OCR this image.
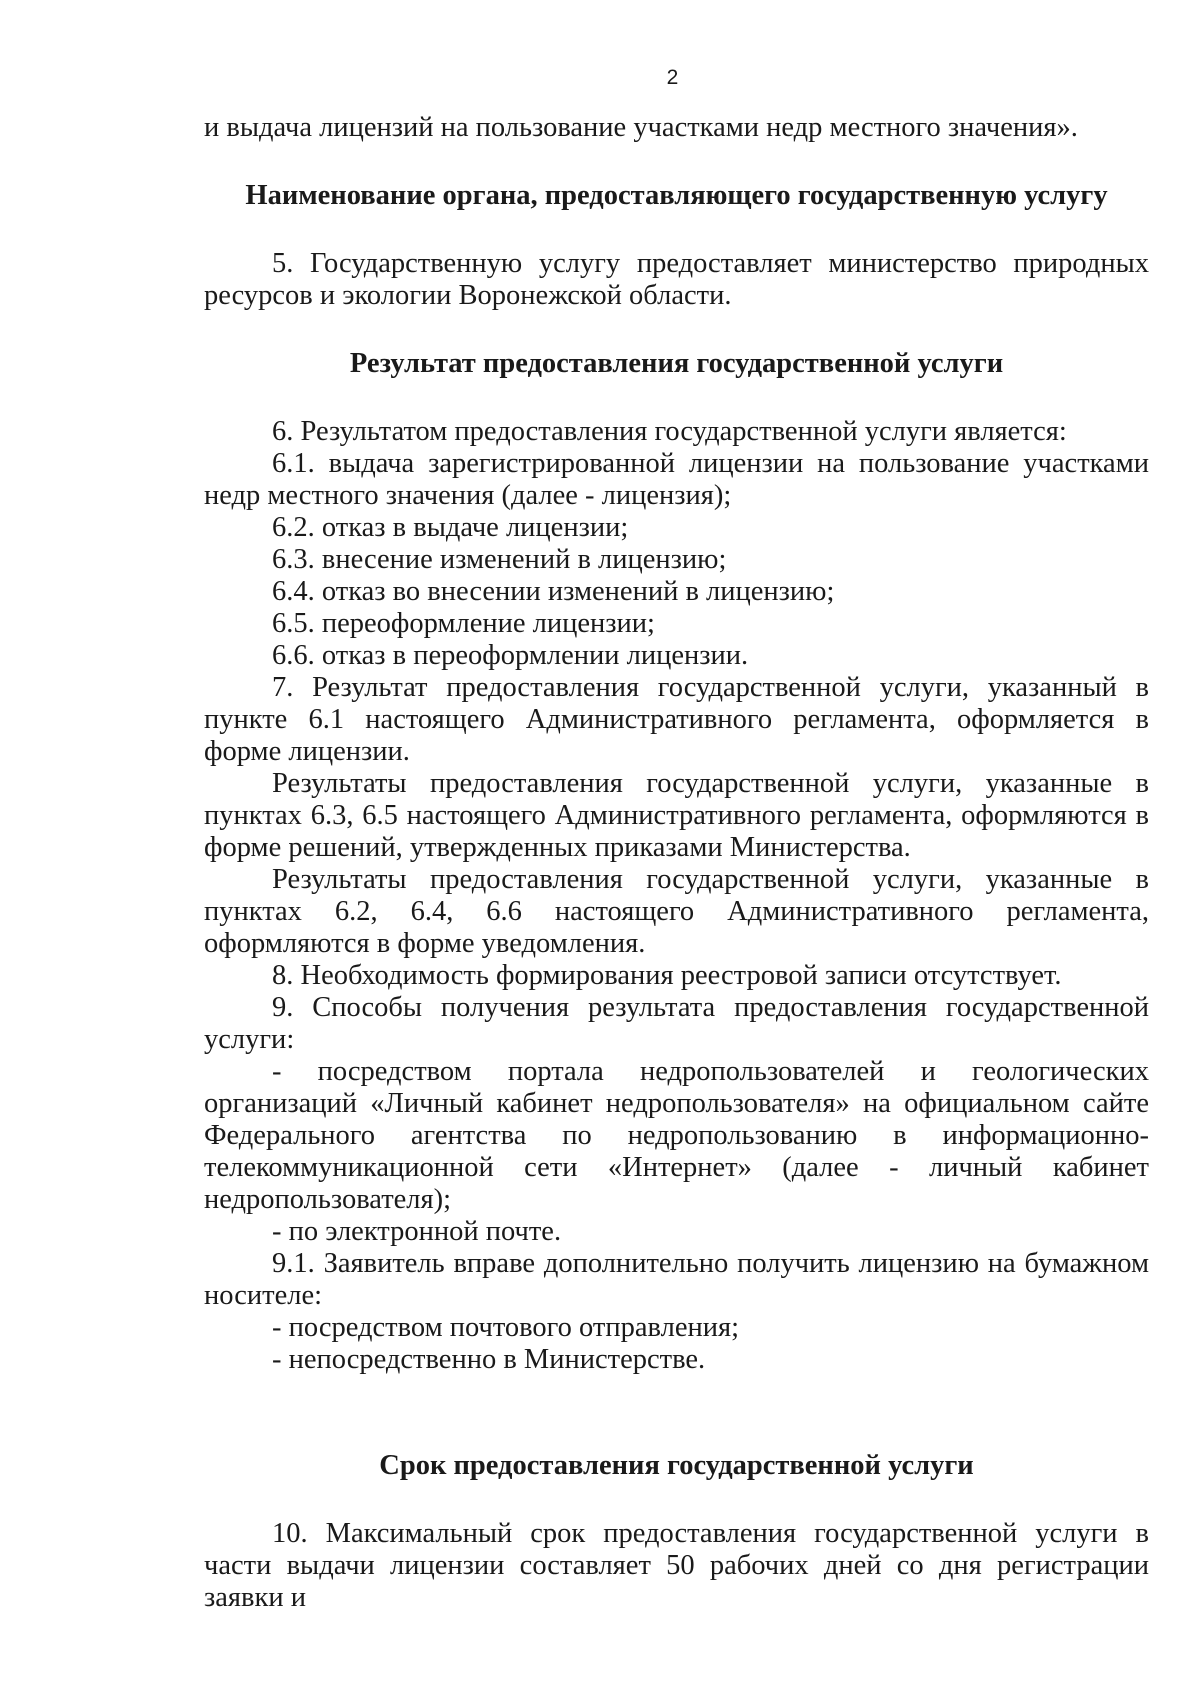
2

и выдача лицензий на пользование участками недр местного значения».

Наименование органа, предоставляющего государственную услугу

5. Государственную услугу предоставляет министерство природных ресурсов и экологии Воронежской области.

Результат предоставления государственной услуги

6. Результатом предоставления государственной услуги является:

6.1. выдача зарегистрированной лицензии на пользование участками недр местного значения (далее - лицензия);

6.2. отказ в выдаче лицензии;

6.3. внесение изменений в лицензию;

6.4. отказ во внесении изменений в лицензию;

6.5. переоформление лицензии;

6.6. отказ в переоформлении лицензии.

7. Результат предоставления государственной услуги, указанный в пункте 6.1 настоящего Административного регламента, оформляется в форме лицензии.

Результаты предоставления государственной услуги, указанные в пунктах 6.3, 6.5 настоящего Административного регламента, оформляются в форме решений, утвержденных приказами Министерства.

Результаты предоставления государственной услуги, указанные в пунктах 6.2, 6.4, 6.6 настоящего Административного регламента, оформляются в форме уведомления.

8. Необходимость формирования реестровой записи отсутствует.

9. Способы получения результата предоставления государственной услуги:

- посредством портала недропользователей и геологических организаций «Личный кабинет недропользователя» на официальном сайте Федерального агентства по недропользованию в информационно-телекоммуникационной сети «Интернет» (далее - личный кабинет недропользователя);

- по электронной почте.

9.1. Заявитель вправе дополнительно получить лицензию на бумажном носителе:

- посредством почтового отправления;

- непосредственно в Министерстве.

Срок предоставления государственной услуги

10. Максимальный срок предоставления государственной услуги в части выдачи лицензии составляет 50 рабочих дней со дня регистрации заявки и
